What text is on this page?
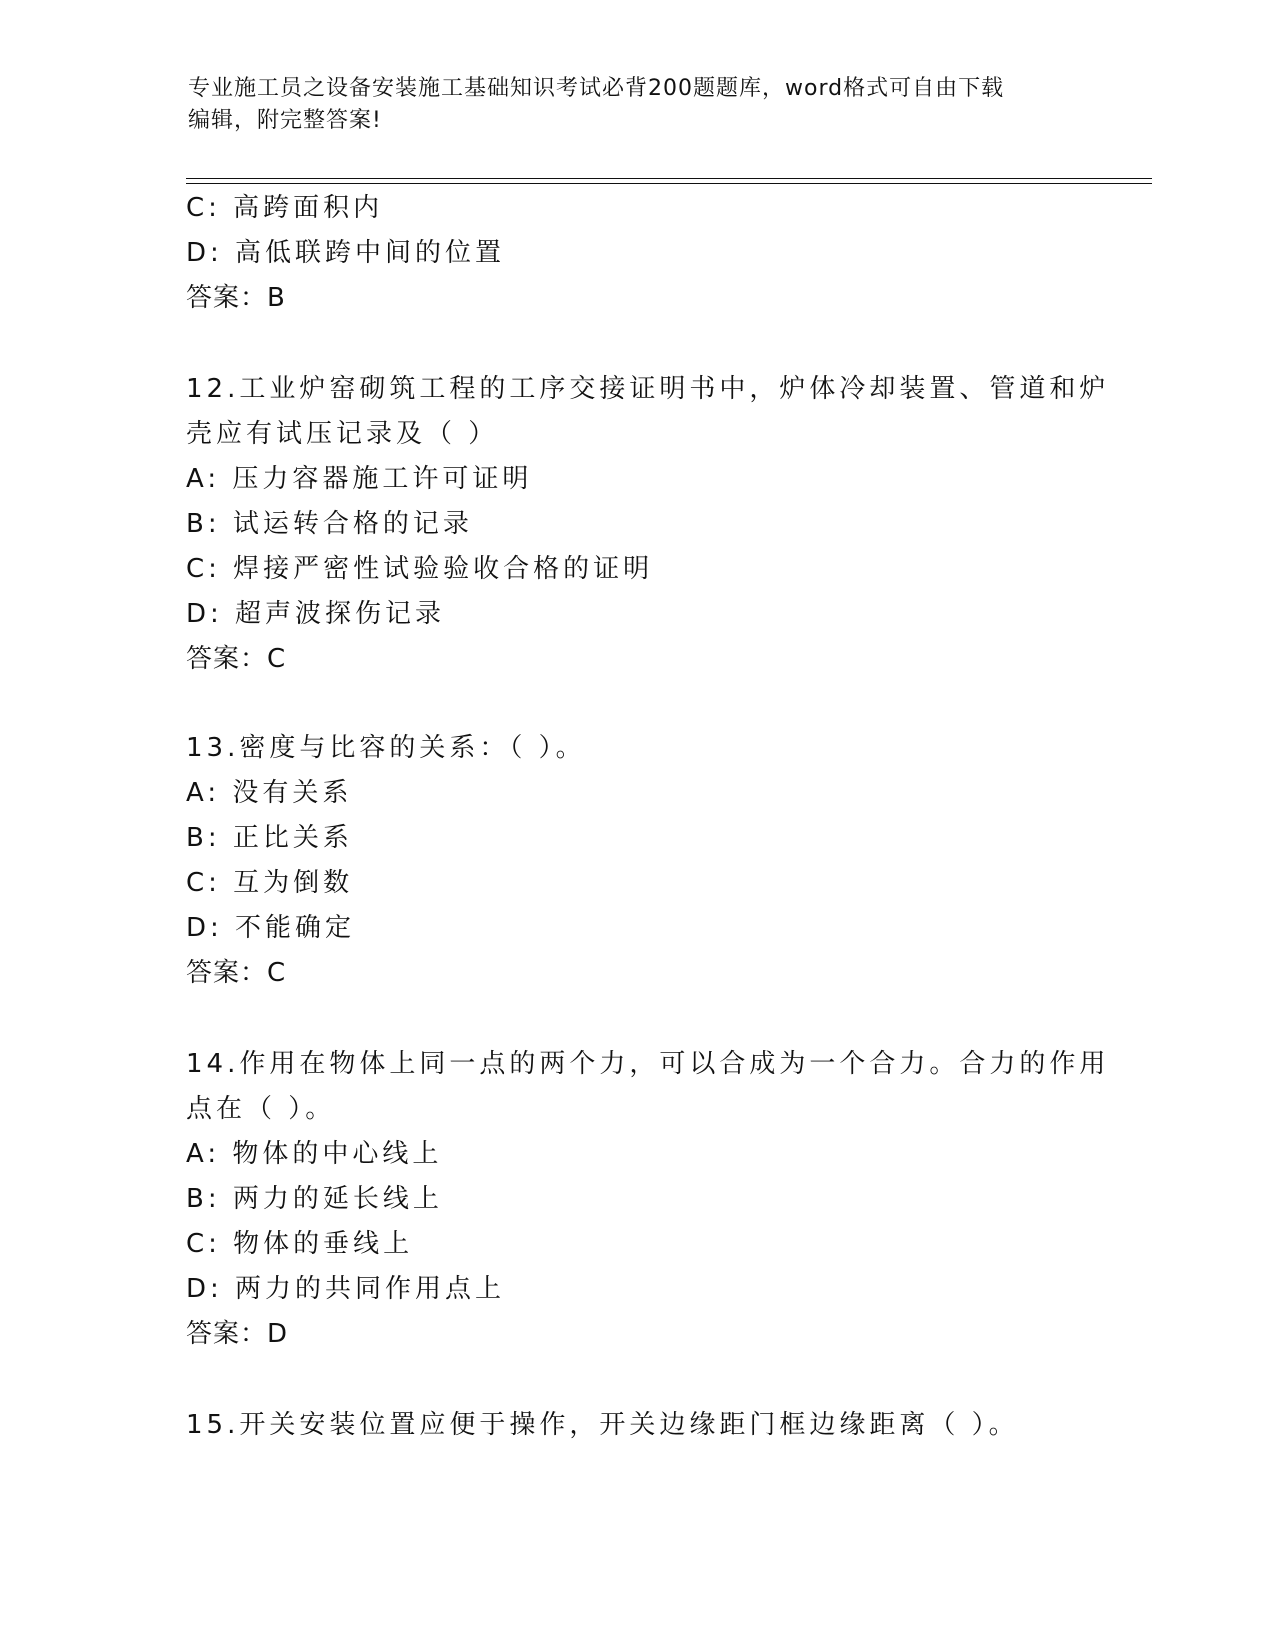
专业施工员之设备安装施工基础知识考试必背200题题库，word格式可自由下载
编辑，附完整答案!
C: 高跨面积内
D: 高低联跨中间的位置
答案：B
12.工业炉窑砌筑工程的工序交接证明书中，炉体冷却装置、管道和炉
壳应有试压记录及（ ）
A: 压力容器施工许可证明
B: 试运转合格的记录
C: 焊接严密性试验验收合格的证明
D: 超声波探伤记录
答案：C
13.密度与比容的关系：（ ）。
A: 没有关系
B: 正比关系
C: 互为倒数
D: 不能确定
答案：C
14.作用在物体上同一点的两个力，可以合成为一个合力。合力的作用
点在（ ）。
A: 物体的中心线上
B: 两力的延长线上
C: 物体的垂线上
D: 两力的共同作用点上
答案：D
15.开关安装位置应便于操作，开关边缘距门框边缘距离（ ）。
